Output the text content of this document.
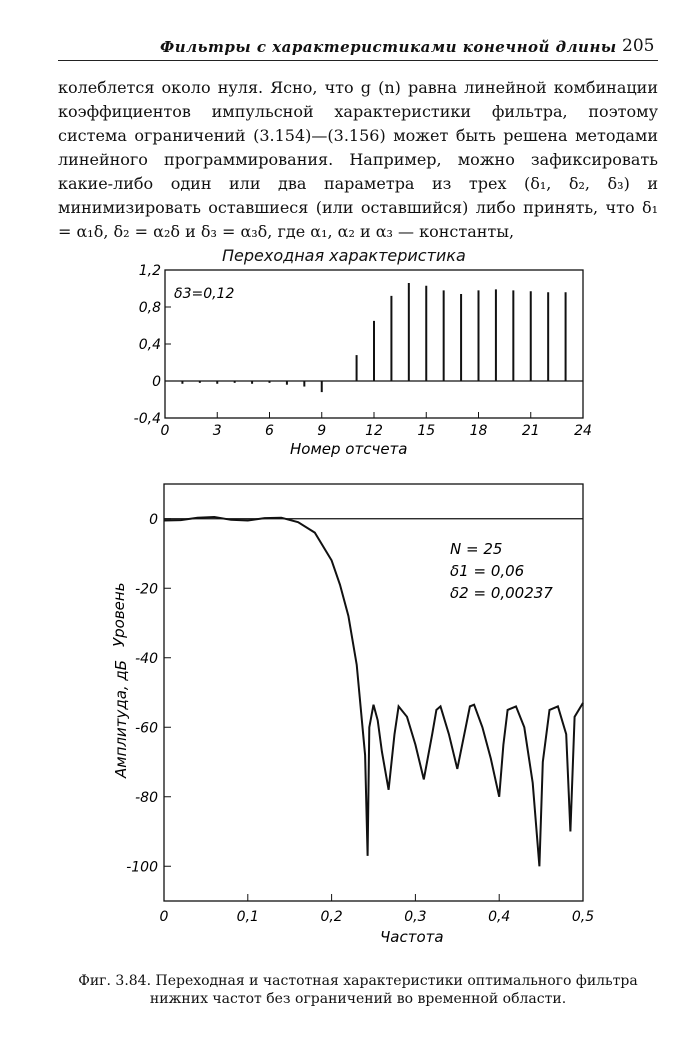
Фильтры с характеристиками конечной длины 205

колеблется около нуля. Ясно, что g (n) равна линейной комбинации коэффициентов импульсной характеристики фильтра, поэтому система ограничений (3.154)—(3.156) может быть решена методами линейного программирования. Например, можно зафиксировать какие-либо один или два параметра из трех (δ₁, δ₂, δ₃) и минимизировать оставшиеся (или оставшийся) либо принять, что δ₁ = α₁δ, δ₂ = α₂δ и δ₃ = α₃δ, где α₁, α₂ и α₃ — константы,

Переходная характеристика
1,2
0,8
0,4
0
-0,4
0	3	6	9	12 15 18 21 24
δ3=0,12
Номер отсчета
Уровень
0
-20
-40
-60
-80
-100
0	0,1	0,2	0,3	0,4	0,5
N = 25
δ1 = 0,06
δ2 = 0,00237
Частота
Амплитуда, дБ
Фиг. 3.84. Переходная и частотная характеристики оптимального фильтра
нижних частот без ограничений во временной области.
